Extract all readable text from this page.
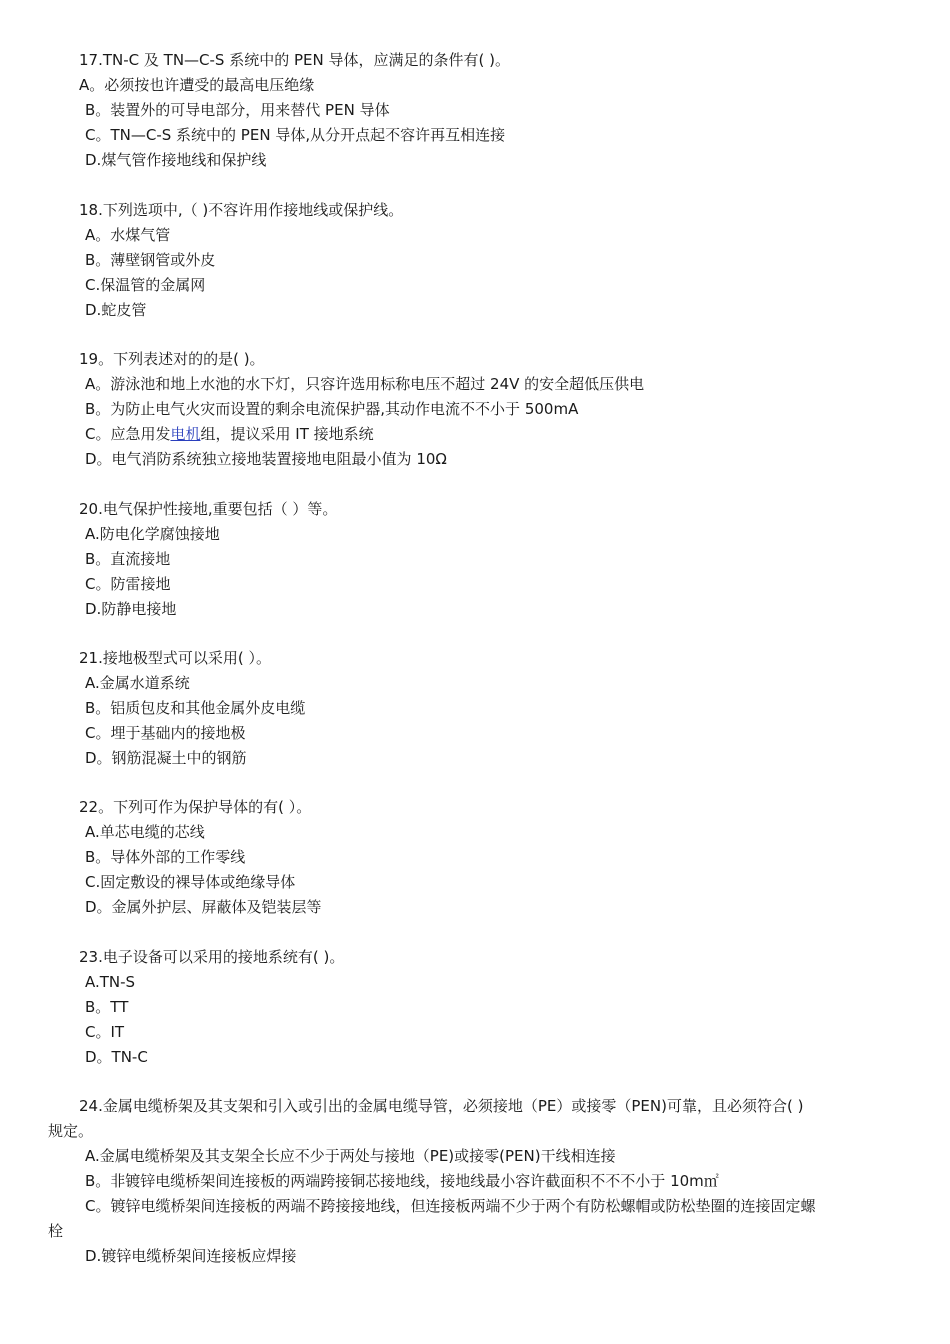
17.TN-C 及 TN—C-S 系统中的 PEN 导体，应满足的条件有( )。
A。必须按也许遭受的最高电压绝缘
B。装置外的可导电部分，用来替代 PEN 导体
C。TN—C-S 系统中的 PEN 导体,从分开点起不容许再互相连接
D.煤气管作接地线和保护线
18.下列选项中,（ )不容许用作接地线或保护线。
A。水煤气管
B。薄壁钢管或外皮
C.保温管的金属网
D.蛇皮管
19。下列表述对的的是( )。
A。游泳池和地上水池的水下灯，只容许选用标称电压不超过 24V 的安全超低压供电
B。为防止电气火灾而设置的剩余电流保护器,其动作电流不不小于 500mA
C。应急用发电机组，提议采用 IT 接地系统
D。电气消防系统独立接地装置接地电阻最小值为 10Ω
20.电气保护性接地,重要包括（ ）等。
A.防电化学腐蚀接地
B。直流接地
C。防雷接地
D.防静电接地
21.接地极型式可以采用( ）。
A.金属水道系统
B。铝质包皮和其他金属外皮电缆
C。埋于基础内的接地极
D。钢筋混凝土中的钢筋
22。下列可作为保护导体的有( ）。
A.单芯电缆的芯线
B。导体外部的工作零线
C.固定敷设的裸导体或绝缘导体
D。金属外护层、屏蔽体及铠装层等
23.电子设备可以采用的接地系统有( )。
A.TN-S
B。TT
C。IT
D。TN-C
24.金属电缆桥架及其支架和引入或引出的金属电缆导管，必须接地（PE）或接零（PEN)可靠，且必须符合( )
规定。
A.金属电缆桥架及其支架全长应不少于两处与接地（PE)或接零(PEN)干线相连接
B。非镀锌电缆桥架间连接板的两端跨接铜芯接地线，接地线最小容许截面积不不不小于 10m㎡
C。镀锌电缆桥架间连接板的两端不跨接接地线，但连接板两端不少于两个有防松螺帽或防松垫圈的连接固定螺
栓
D.镀锌电缆桥架间连接板应焊接
